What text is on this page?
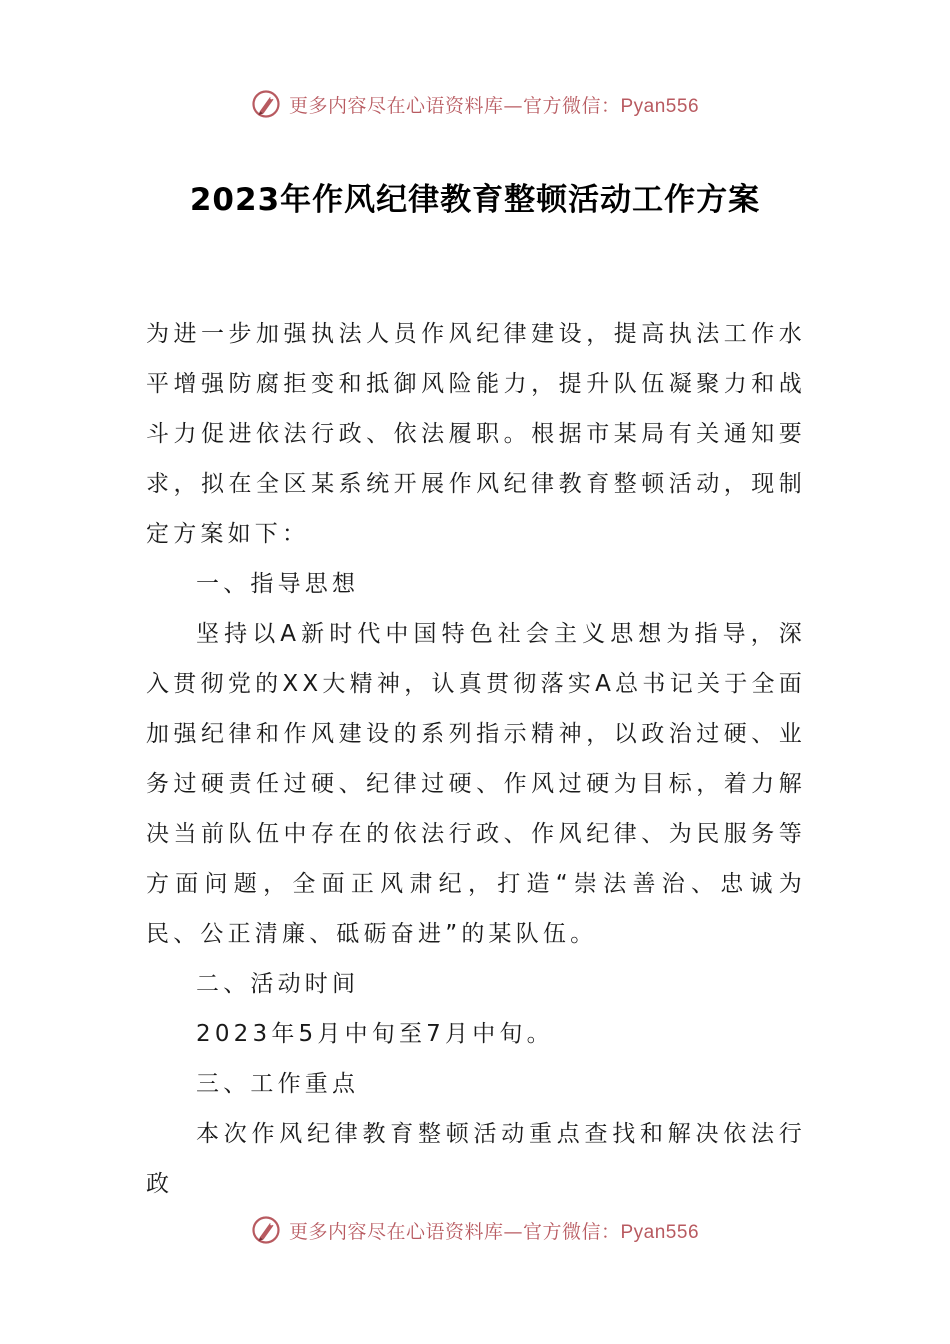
更多内容尽在心语资料库—官方微信：Pyan556
2023年作风纪律教育整顿活动工作方案

为进一步加强执法人员作风纪律建设，提高执法工作水平增强防腐拒变和抵御风险能力，提升队伍凝聚力和战斗力促进依法行政、依法履职。根据市某局有关通知要求，拟在全区某系统开展作风纪律教育整顿活动，现制定方案如下：

一、指导思想

坚持以A新时代中国特色社会主义思想为指导，深入贯彻党的XX大精神，认真贯彻落实A总书记关于全面加强纪律和作风建设的系列指示精神，以政治过硬、业务过硬责任过硬、纪律过硬、作风过硬为目标，着力解决当前队伍中存在的依法行政、作风纪律、为民服务等方面问题，全面正风肃纪，打造“崇法善治、忠诚为民、公正清廉、砥砺奋进”的某队伍。

二、活动时间

2023年5月中旬至7月中旬。

三、工作重点

本次作风纪律教育整顿活动重点查找和解决依法行政

更多内容尽在心语资料库—官方微信：Pyan556
